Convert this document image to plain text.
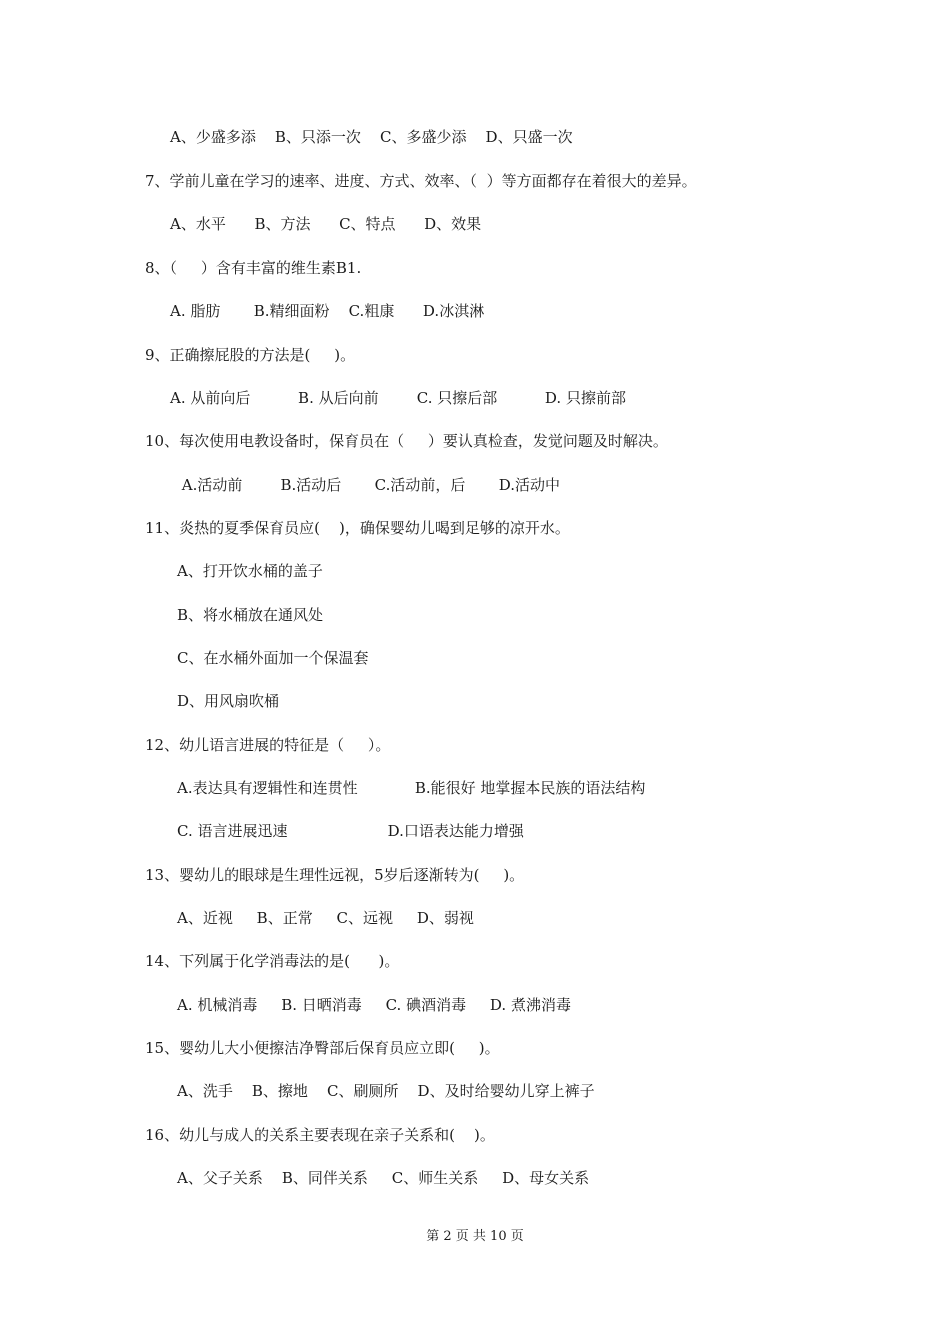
A、少盛多添    B、只添一次    C、多盛少添    D、只盛一次
7、学前儿童在学习的速率、进度、方式、效率、（  ）等方面都存在着很大的差异。
A、水平      B、方法      C、特点      D、效果
8、（     ）含有丰富的维生素B1.
A. 脂肪       B.精细面粉    C.粗康      D.冰淇淋
9、正确擦屁股的方法是(     )。
A. 从前向后          B. 从后向前        C. 只擦后部          D. 只擦前部
10、每次使用电教设备时，保育员在（     ）要认真检查，发觉问题及时解决。
A.活动前        B.活动后       C.活动前，后       D.活动中
11、炎热的夏季保育员应(    )，确保婴幼儿喝到足够的凉开水。
A、打开饮水桶的盖子
B、将水桶放在通风处
C、在水桶外面加一个保温套
D、用风扇吹桶
12、幼儿语言进展的特征是（     ）。
A.表达具有逻辑性和连贯性            B.能很好 地掌握本民族的语法结构
C. 语言进展迅速                     D.口语表达能力增强
13、婴幼儿的眼球是生理性远视，5岁后逐渐转为(     )。
A、近视     B、正常     C、远视     D、弱视
14、下列属于化学消毒法的是(      )。
A. 机械消毒     B. 日晒消毒     C. 碘酒消毒     D. 煮沸消毒
15、婴幼儿大小便擦洁净臀部后保育员应立即(     )。
A、洗手    B、擦地    C、刷厕所    D、及时给婴幼儿穿上裤子
16、幼儿与成人的关系主要表现在亲子关系和(    )。
A、父子关系    B、同伴关系     C、师生关系     D、母女关系
第 2 页 共 10 页
